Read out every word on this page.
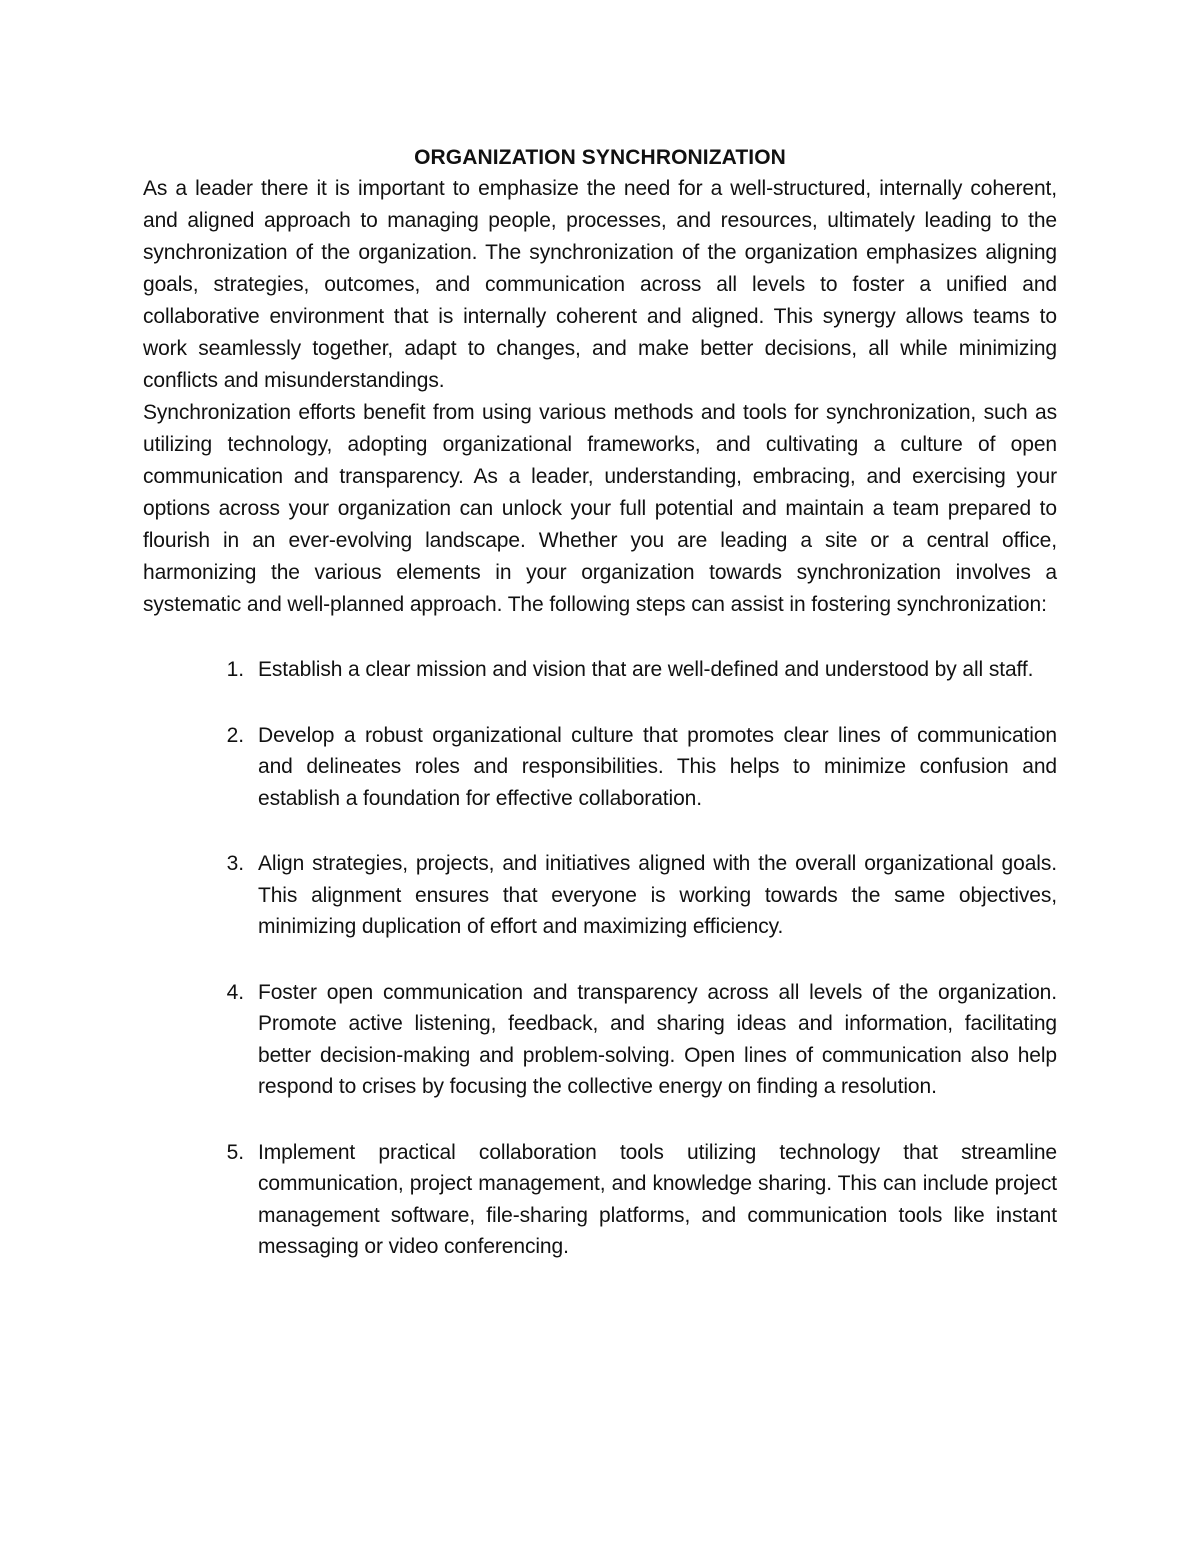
ORGANIZATION SYNCHRONIZATION

As a leader there it is important to emphasize the need for a well-structured, internally coherent, and aligned approach to managing people, processes, and resources, ultimately leading to the synchronization of the organization. The synchronization of the organization emphasizes aligning goals, strategies, outcomes, and communication across all levels to foster a unified and collaborative environment that is internally coherent and aligned. This synergy allows teams to work seamlessly together, adapt to changes, and make better decisions, all while minimizing conflicts and misunderstandings.

Synchronization efforts benefit from using various methods and tools for synchronization, such as utilizing technology, adopting organizational frameworks, and cultivating a culture of open communication and transparency. As a leader, understanding, embracing, and exercising your options across your organization can unlock your full potential and maintain a team prepared to flourish in an ever-evolving landscape. Whether you are leading a site or a central office, harmonizing the various elements in your organization towards synchronization involves a systematic and well-planned approach. The following steps can assist in fostering synchronization:

1. Establish a clear mission and vision that are well-defined and understood by all staff.
2. Develop a robust organizational culture that promotes clear lines of communication and delineates roles and responsibilities. This helps to minimize confusion and establish a foundation for effective collaboration.
3. Align strategies, projects, and initiatives aligned with the overall organizational goals. This alignment ensures that everyone is working towards the same objectives, minimizing duplication of effort and maximizing efficiency.
4. Foster open communication and transparency across all levels of the organization. Promote active listening, feedback, and sharing ideas and information, facilitating better decision-making and problem-solving. Open lines of communication also help respond to crises by focusing the collective energy on finding a resolution.
5. Implement practical collaboration tools utilizing technology that streamline communication, project management, and knowledge sharing. This can include project management software, file-sharing platforms, and communication tools like instant messaging or video conferencing.
